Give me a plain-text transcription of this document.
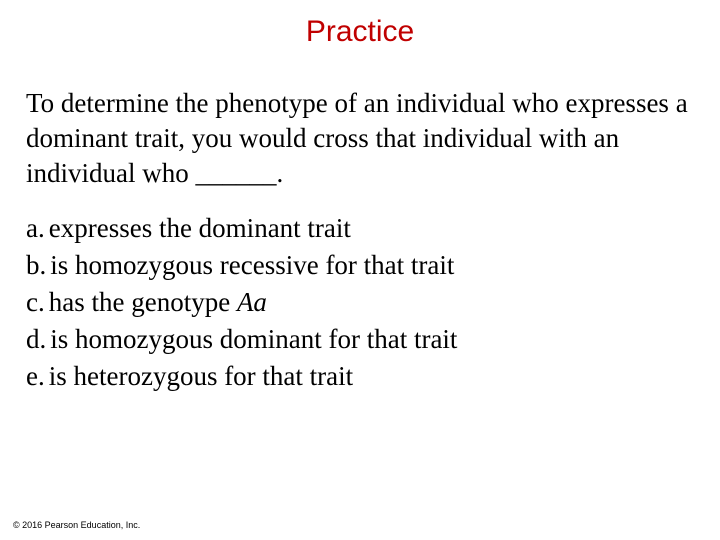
Practice
To determine the phenotype of an individual who expresses a dominant trait, you would cross that individual with an individual who ______.
a. expresses the dominant trait
b. is homozygous recessive for that trait
c. has the genotype Aa
d. is homozygous dominant for that trait
e. is heterozygous for that trait
© 2016 Pearson Education, Inc.
